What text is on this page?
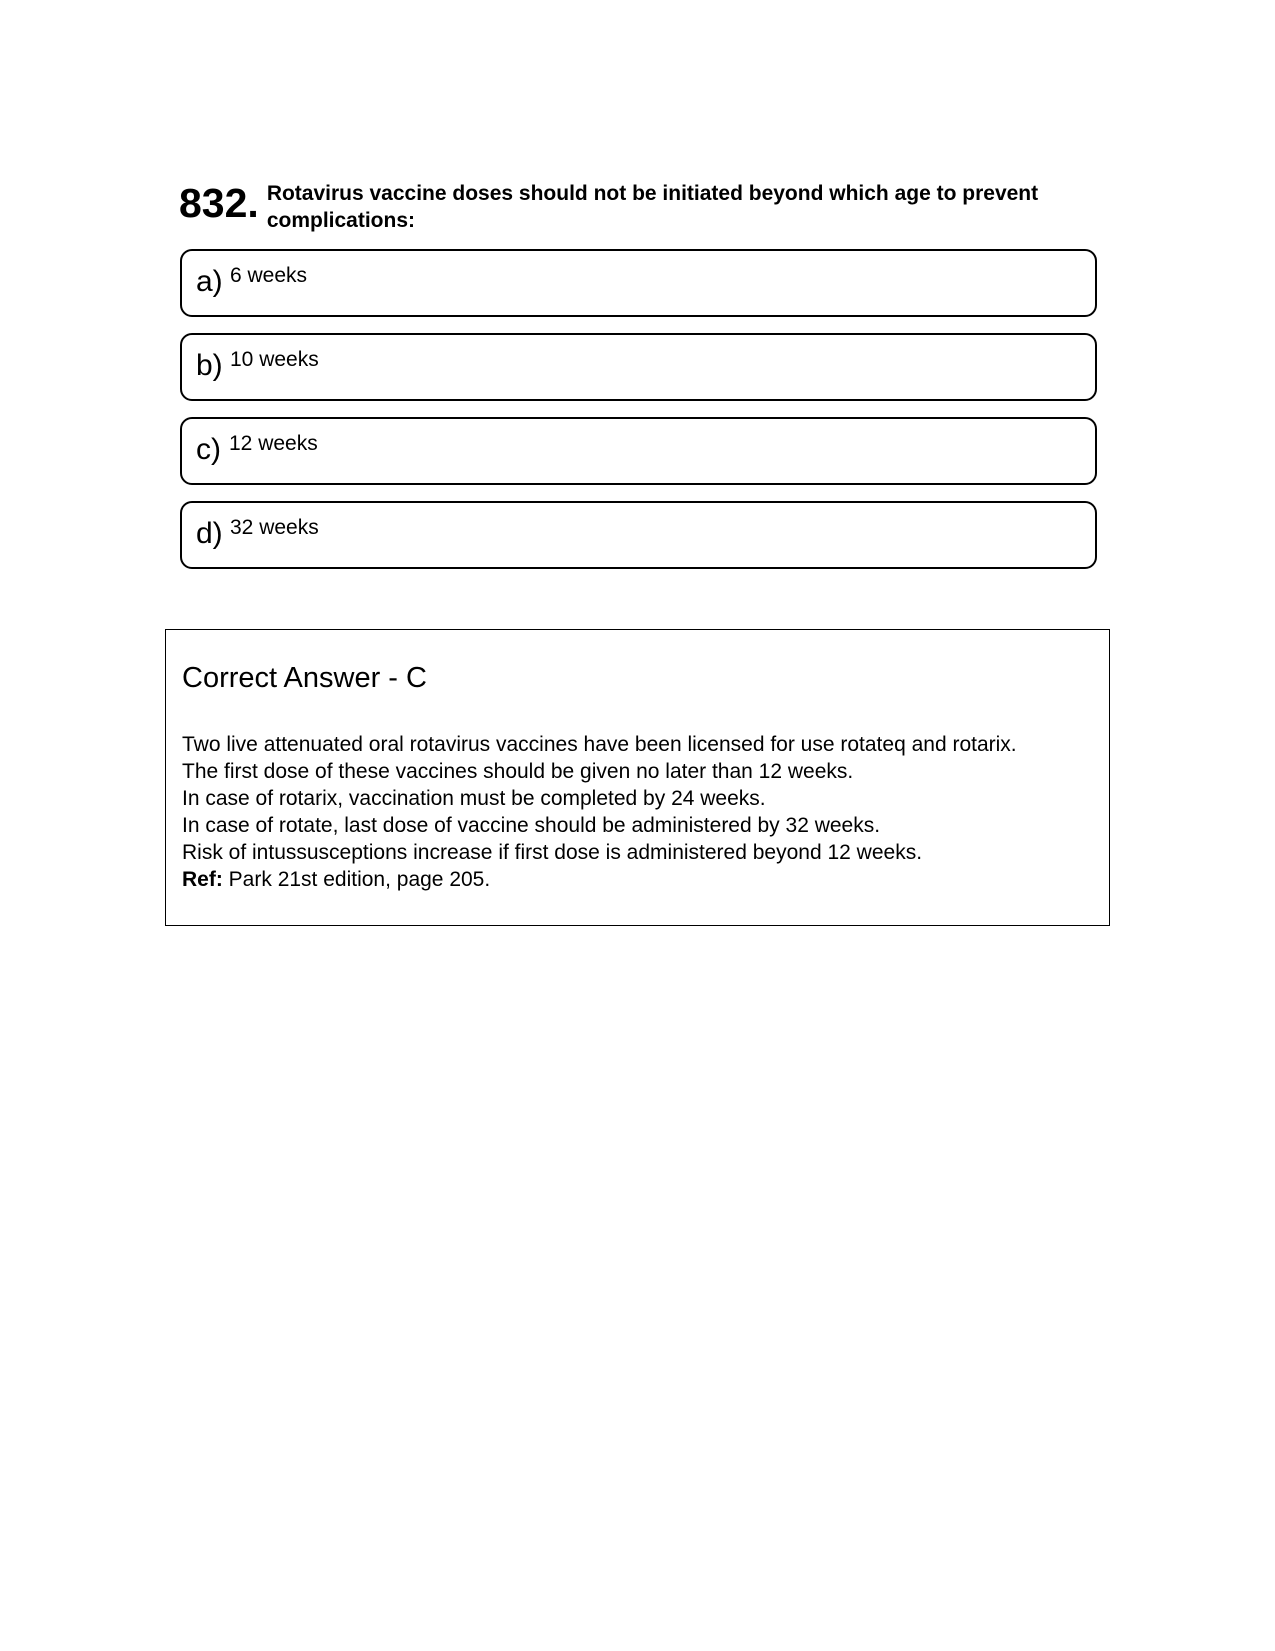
832. Rotavirus vaccine doses should not be initiated beyond which age to prevent complications:
a) 6 weeks
b) 10 weeks
c) 12 weeks
d) 32 weeks
Correct Answer - C
Two live attenuated oral rotavirus vaccines have been licensed for use rotateq and rotarix.
The first dose of these vaccines should be given no later than 12 weeks.
In case of rotarix, vaccination must be completed by 24 weeks.
In case of rotate, last dose of vaccine should be administered by 32 weeks.
Risk of intussusceptions increase if first dose is administered beyond 12 weeks.
Ref: Park 21st edition, page 205.
